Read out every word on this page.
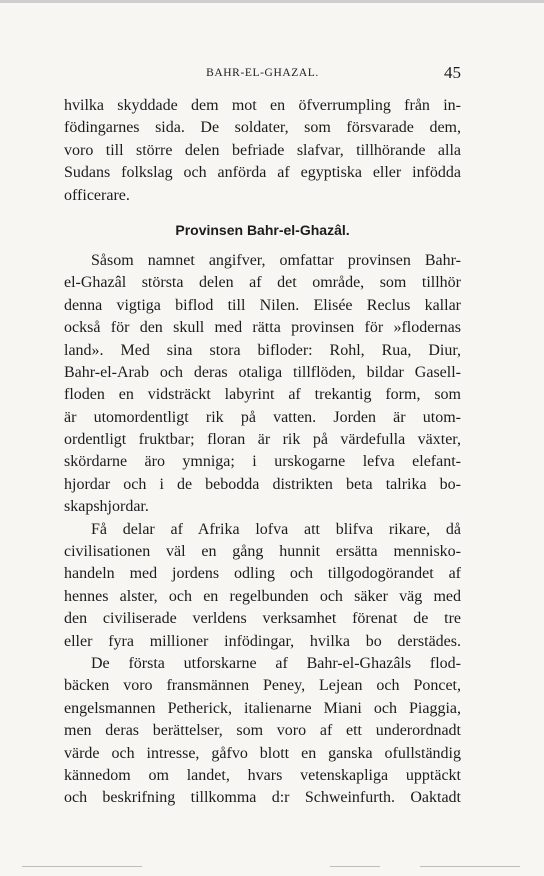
BAHR-EL-GHAZAL.	45
hvilka skyddade dem mot en öfverrumpling från in-
födingarnes sida. De soldater, som försvarade dem,
voro till större delen befriade slafvar, tillhörande alla
Sudans folkslag och anförda af egyptiska eller infödda
officerare.
Provinsen Bahr-el-Ghazâl.
Såsom namnet angifver, omfattar provinsen Bahr-
el-Ghazâl största delen af det område, som tillhör
denna vigtiga biflod till Nilen. Elisée Reclus kallar
också för den skull med rätta provinsen för »flodernas
land». Med sina stora bifloder: Rohl, Rua, Diur,
Bahr-el-Arab och deras otaliga tillflöden, bildar Gasell-
floden en vidsträckt labyrint af trekantig form, som
är utomordentligt rik på vatten. Jorden är utom-
ordentligt fruktbar; floran är rik på värdefulla växter,
skördarne äro ymniga; i urskogarne lefva elefant-
hjordar och i de bebodda distrikten beta talrika bo-
skapshjordar.
Få delar af Afrika lofva att blifva rikare, då
civilisationen väl en gång hunnit ersätta mennisko-
handeln med jordens odling och tillgodogörandet af
hennes alster, och en regelbunden och säker väg med
den civiliserade verldens verksamhet förenat de tre
eller fyra millioner infödingar, hvilka bo derstädes.
De första utforskarne af Bahr-el-Ghazâls flod-
bäcken voro fransmännen Peney, Lejean och Poncet,
engelsmannen Petherick, italienarne Miani och Piaggia,
men deras berättelser, som voro af ett underordnadt
värde och intresse, gåfvo blott en ganska ofullständig
kännedom om landet, hvars vetenskapliga upptäckt
och beskrifning tillkomma d:r Schweinfurth. Oaktadt
